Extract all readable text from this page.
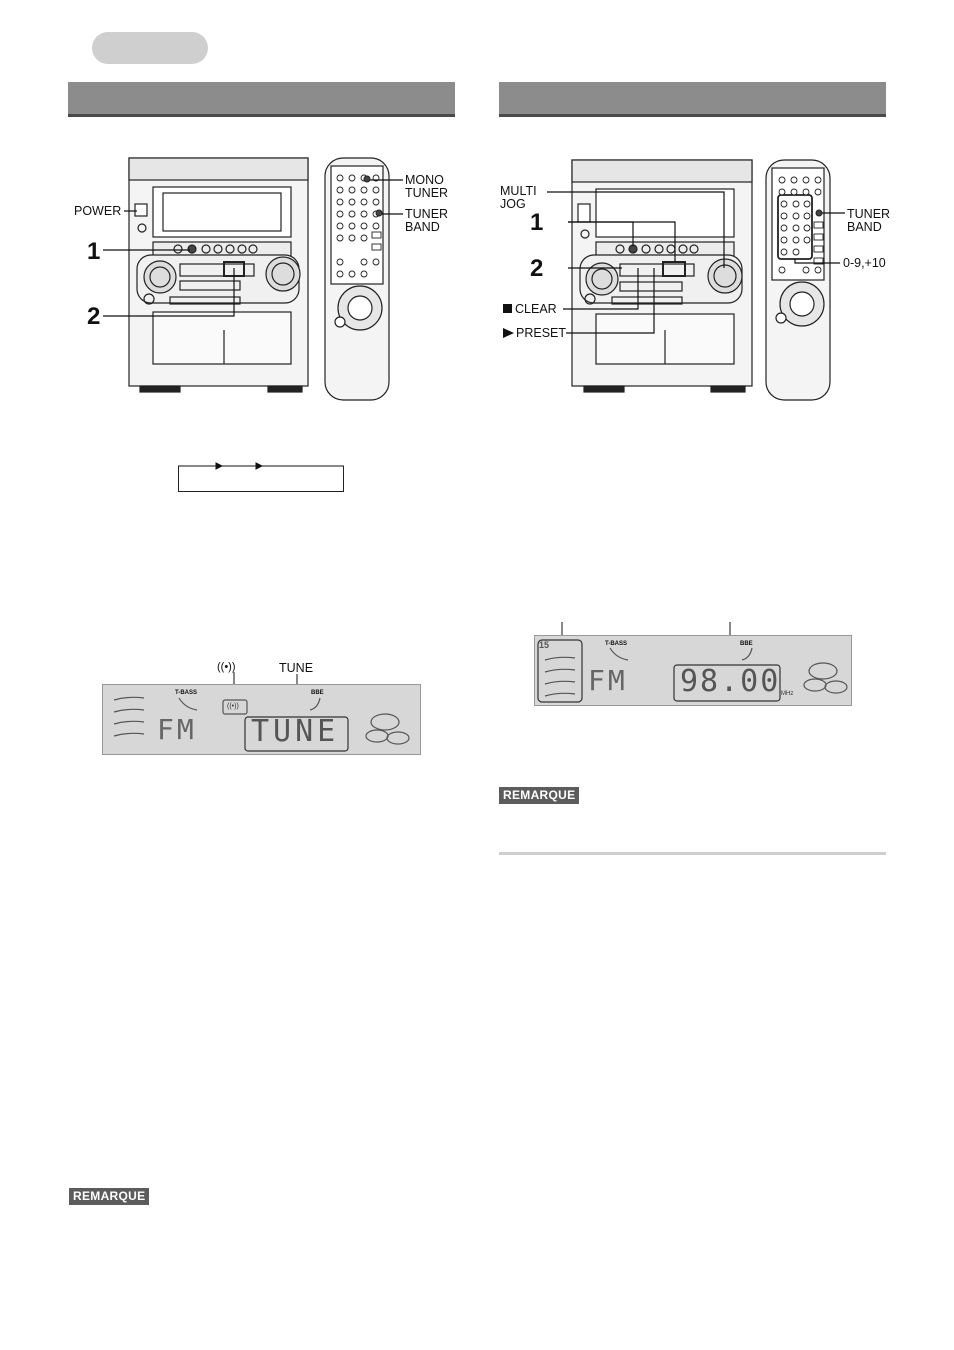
POWER
MONO
TUNER
TUNER
BAND
1
2
((•))	TUNE
T-BASS	BBE
((•))
FM TUNE
REMARQUE
MULTI
JOG
1
2
CLEAR
PRESET
TUNER
BAND
0-9,+10
15	T-BASS	BBE
FM 98.00 MHz
REMARQUE
